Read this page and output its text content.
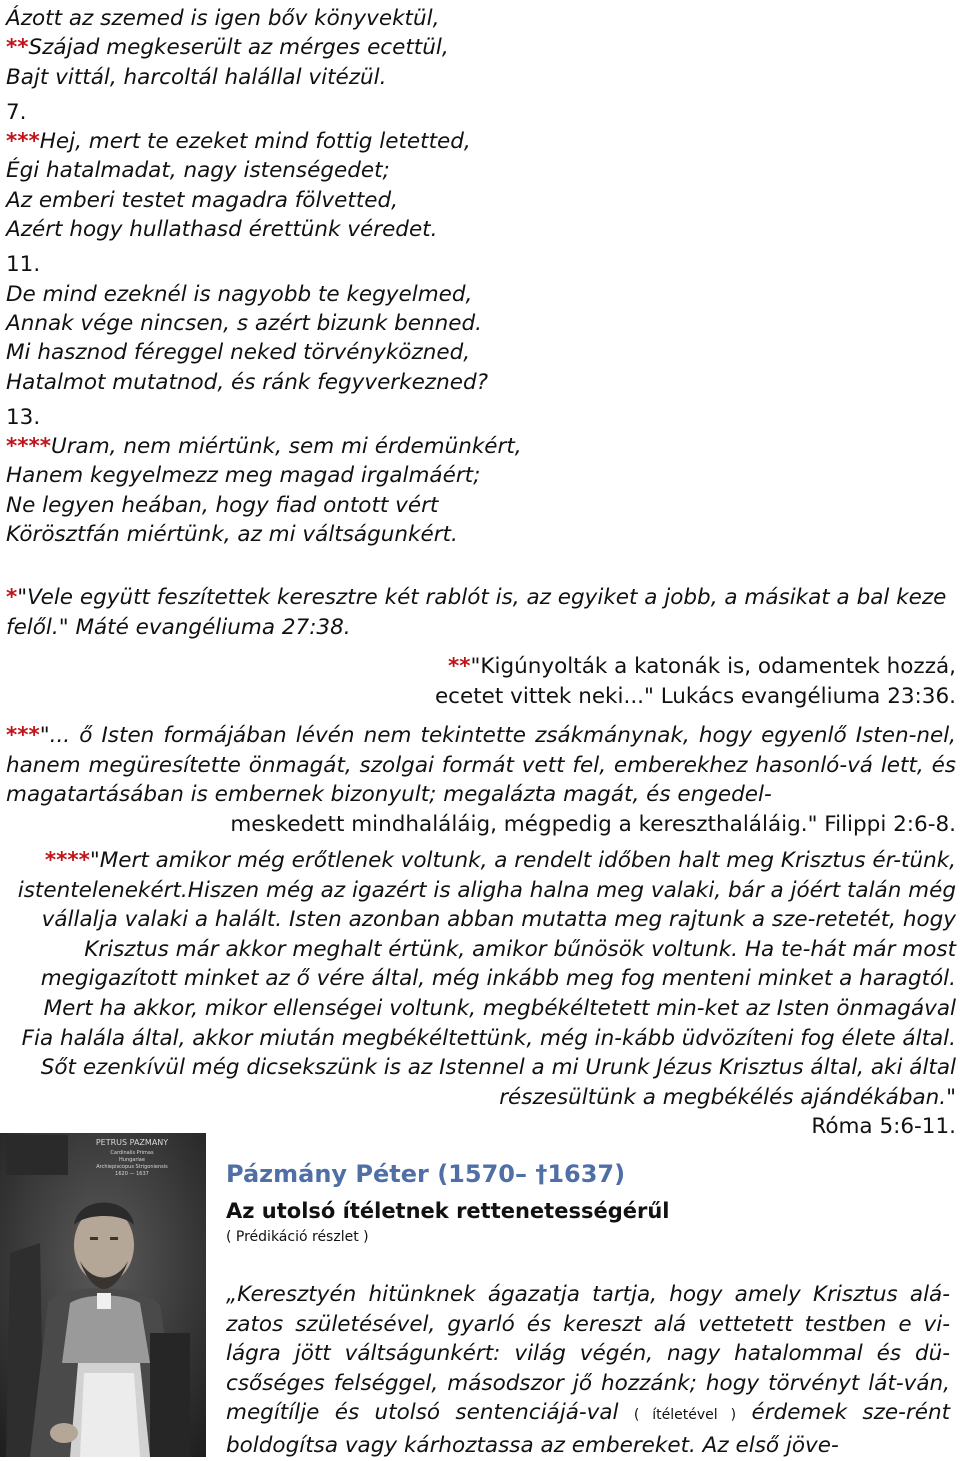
Ázott az szemed is igen bőv könyvektül,
**Szájad megkeserült az mérges ecettül,
Bajt vittál, harcoltál halállal vitézül.
7.
***Hej, mert te ezeket mind fottig letetted,
Égi hatalmadat, nagy istenségedet;
Az emberi testet magadra fölvetted,
Azért hogy hullathasd érettünk véredet.
11.
De mind ezeknél is nagyobb te kegyelmed,
Annak vége nincsen, s azért bizunk benned.
Mi hasznod féreggel neked törvényközned,
Hatalmot mutatnod, és ránk fegyverkezned?
13.
****Uram, nem miértünk, sem mi érdemünkért,
Hanem kegyelmezz meg magad irgalmáért;
Ne legyen heában, hogy fiad ontott vért
Körösztfán miértünk, az mi váltságunkért.
*"Vele együtt feszítettek keresztre két rablót is, az egyiket a jobb, a másikat a bal keze felől." Máté evangéliuma 27:38.
**"Kigúnyolták a katonák is, odamentek hozzá,
ecetet vittek neki..." Lukács evangéliuma 23:36.
***"... ő Isten formájában lévén nem tekintette zsákmánynak, hogy egyenlő Isten-nel, hanem megüresítette önmagát, szolgai formát vett fel, emberekhez hasonló-vá lett, és magatartásában is embernek bizonyult; megalázta magát, és engedel-
meskedett mindhaláláig, mégpedig a kereszthaláláig." Filippi 2:6-8.
****"Mert amikor még erőtlenek voltunk, a rendelt időben halt meg Krisztus ér-tünk, istentelenekért.Hiszen még az igazért is aligha halna meg valaki, bár a jóért talán még vállalja valaki a halált. Isten azonban abban mutatta meg rajtunk a sze-retetét, hogy Krisztus már akkor meghalt értünk, amikor bűnösök voltunk. Ha te-hát már most megigazított minket az ő vére által, még inkább meg fog menteni minket a haragtól. Mert ha akkor, mikor ellenségei voltunk, megbékéltetett min-ket az Isten önmagával Fia halála által, akkor miután megbékéltettünk, még in-kább üdvözíteni fog élete által. Sőt ezenkívül még dicsekszünk is az Istennel a mi Urunk Jézus Krisztus által, aki által részesültünk a megbékélés ajándékában."
Róma 5:6-11.
PETRUS PAZMANY
Cardinalis Primas
Hungariae
Archiepiscopus Strigoniensis
1620 — 1637	Pázmány Péter (1570– †1637)
Az utolsó ítéletnek rettenetességérűl
( Prédikáció részlet )
„Keresztyén hitünknek ágazatja tartja, hogy amely Krisztus alá-zatos születésével, gyarló és kereszt alá vettetett testben e vi-lágra jött váltságunkért: világ végén, nagy hatalommal és dü-csőséges felséggel, másodszor jő hozzánk; hogy törvényt lát-ván, megítílje és utolsó sentenciájá-val ( ítéletével ) érdemek sze-rént boldogítsa vagy kárhoztassa az embereket. Az első jöve-
